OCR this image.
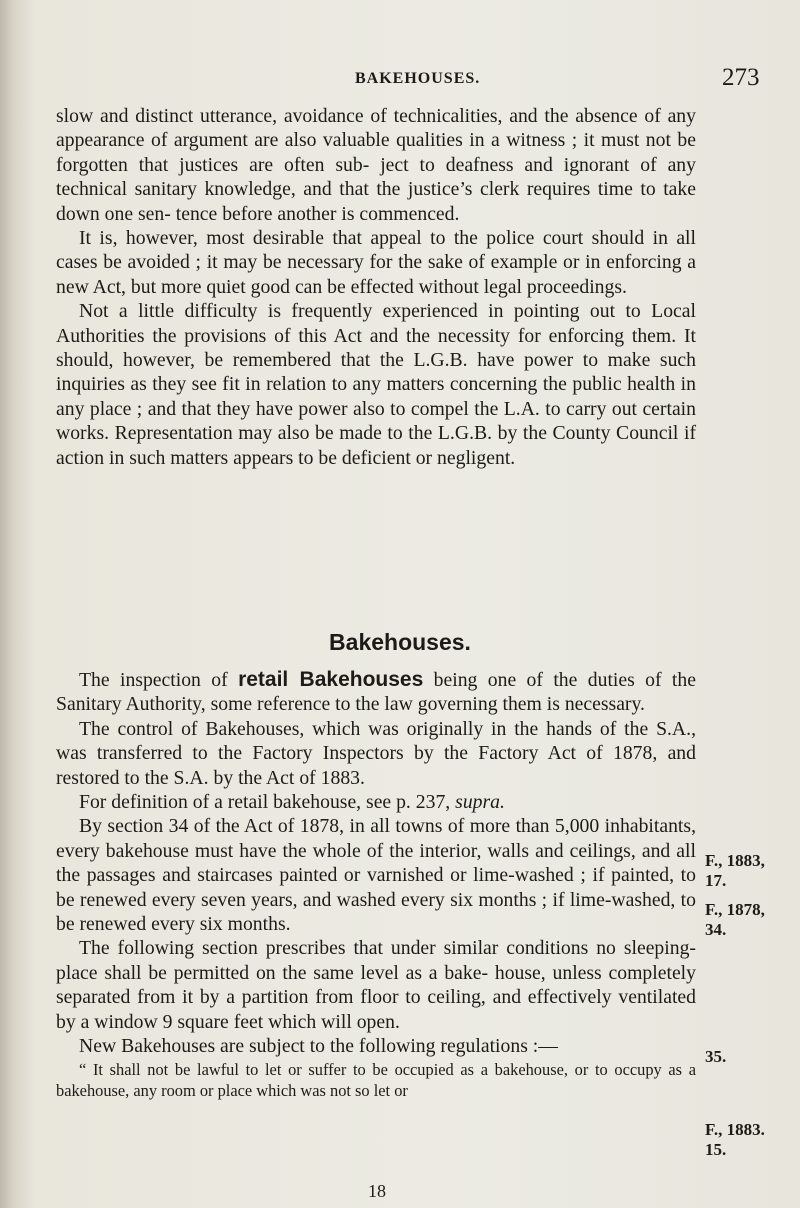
BAKEHOUSES.	273

slow and distinct utterance, avoidance of technicalities, and the absence of any appearance of argument are also valuable qualities in a witness ; it must not be forgotten that justices are often sub- ject to deafness and ignorant of any technical sanitary knowledge, and that the justice’s clerk requires time to take down one sen- tence before another is commenced.

It is, however, most desirable that appeal to the police court should in all cases be avoided ; it may be necessary for the sake of example or in enforcing a new Act, but more quiet good can be effected without legal proceedings.

Not a little difficulty is frequently experienced in pointing out to Local Authorities the provisions of this Act and the necessity for enforcing them. It should, however, be remembered that the L.G.B. have power to make such inquiries as they see fit in relation to any matters concerning the public health in any place ; and that they have power also to compel the L.A. to carry out certain works. Representation may also be made to the L.G.B. by the County Council if action in such matters appears to be deficient or negligent.

Bakehouses.

The inspection of retail Bakehouses being one of the duties of the Sanitary Authority, some reference to the law governing them is necessary.

The control of Bakehouses, which was originally in the hands of the S.A., was transferred to the Factory Inspectors by the Factory Act of 1878, and restored to the S.A. by the Act of 1883.

For definition of a retail bakehouse, see p. 237, supra.

By section 34 of the Act of 1878, in all towns of more than 5,000 inhabitants, every bakehouse must have the whole of the interior, walls and ceilings, and all the passages and staircases painted or varnished or lime-washed ; if painted, to be renewed every seven years, and washed every six months ; if lime-washed, to be renewed every six months.

The following section prescribes that under similar conditions no sleeping-place shall be permitted on the same level as a bake- house, unless completely separated from it by a partition from floor to ceiling, and effectively ventilated by a window 9 square feet which will open.

New Bakehouses are subject to the following regulations :—

“ It shall not be lawful to let or suffer to be occupied as a bakehouse, or to occupy as a bakehouse, any room or place which was not so let or

F., 1883,
17.
F., 1878,
34.
35.
F., 1883.
15.
18
